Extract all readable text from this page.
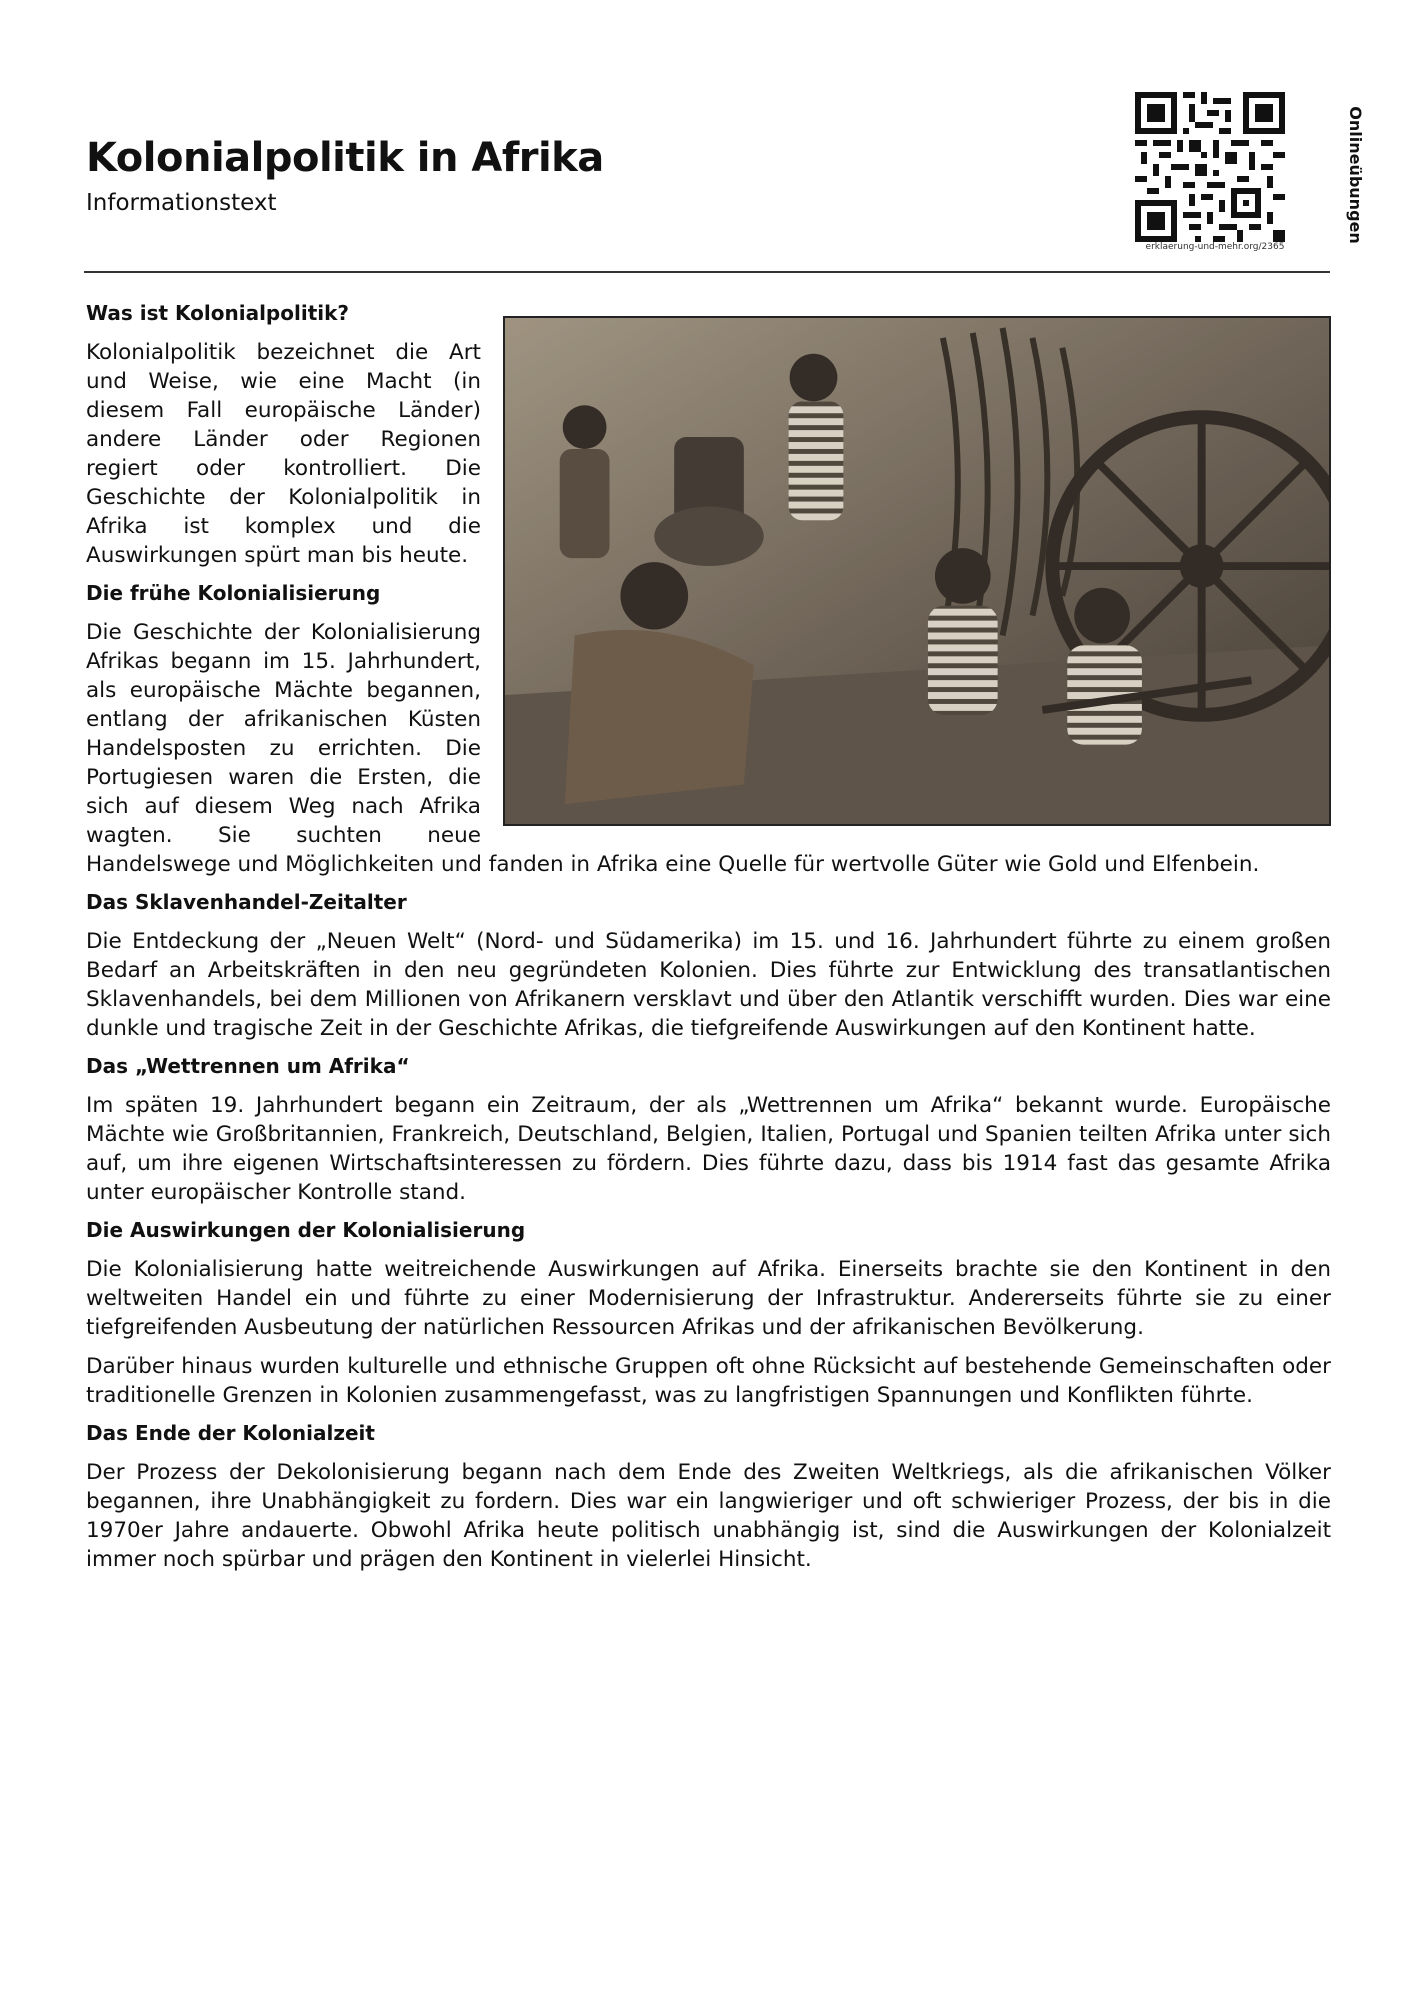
Kolonialpolitik in Afrika
Informationstext
erklaerung-und-mehr.org/2365
Onlineübungen
Was ist Kolonialpolitik?

Kolonialpolitik bezeichnet die Art und Weise, wie eine Macht (in diesem Fall europäische Länder) andere Länder oder Regionen regiert oder kontrolliert. Die Geschichte der Kolonialpolitik in Afrika ist komplex und die Auswirkungen spürt man bis heute.

Die frühe Kolonialisierung

Die Geschichte der Kolonialisierung Afrikas begann im 15. Jahrhundert, als europäische Mächte begannen, entlang der afrikanischen Küsten Handelsposten zu errichten. Die Portugiesen waren die Ersten, die sich auf diesem Weg nach Afrika wagten. Sie suchten neue Handelswege und Möglichkeiten und fanden in Afrika eine Quelle für wertvolle Güter wie Gold und Elfenbein.

Das Sklavenhandel-Zeitalter

Die Entdeckung der „Neuen Welt“ (Nord- und Südamerika) im 15. und 16. Jahrhundert führte zu einem großen Bedarf an Arbeitskräften in den neu gegründeten Kolonien. Dies führte zur Entwicklung des transatlantischen Sklavenhandels, bei dem Millionen von Afrikanern versklavt und über den Atlantik verschifft wurden. Dies war eine dunkle und tragische Zeit in der Geschichte Afrikas, die tiefgreifende Auswirkungen auf den Kontinent hatte.

Das „Wettrennen um Afrika“

Im späten 19. Jahrhundert begann ein Zeitraum, der als „Wettrennen um Afrika“ bekannt wurde. Europäische Mächte wie Großbritannien, Frankreich, Deutschland, Belgien, Italien, Portugal und Spanien teilten Afrika unter sich auf, um ihre eigenen Wirtschaftsinteressen zu fördern. Dies führte dazu, dass bis 1914 fast das gesamte Afrika unter europäischer Kontrolle stand.

Die Auswirkungen der Kolonialisierung

Die Kolonialisierung hatte weitreichende Auswirkungen auf Afrika. Einerseits brachte sie den Kontinent in den weltweiten Handel ein und führte zu einer Modernisierung der Infrastruktur. Andererseits führte sie zu einer tiefgreifenden Ausbeutung der natürlichen Ressourcen Afrikas und der afrikanischen Bevölkerung.

Darüber hinaus wurden kulturelle und ethnische Gruppen oft ohne Rücksicht auf bestehende Gemeinschaften oder traditionelle Grenzen in Kolonien zusammengefasst, was zu langfristigen Spannungen und Konflikten führte.

Das Ende der Kolonialzeit

Der Prozess der Dekolonisierung begann nach dem Ende des Zweiten Weltkriegs, als die afrikanischen Völker begannen, ihre Unabhängigkeit zu fordern. Dies war ein langwieriger und oft schwieriger Prozess, der bis in die 1970er Jahre andauerte. Obwohl Afrika heute politisch unabhängig ist, sind die Auswirkungen der Kolonialzeit immer noch spürbar und prägen den Kontinent in vielerlei Hinsicht.
